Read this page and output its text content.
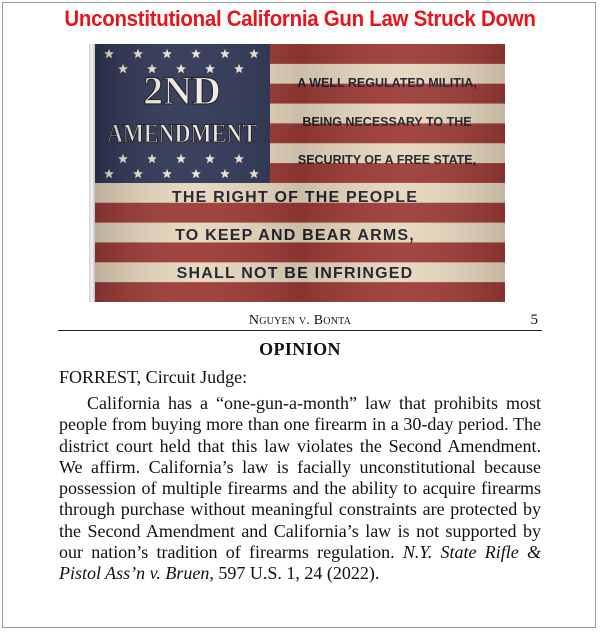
Unconstitutional California Gun Law Struck Down
Nguyen v. Bonta	5
OPINION
FORREST, Circuit Judge:

California has a “one-gun-a-month” law that prohibits most people from buying more than one firearm in a 30-day period. The district court held that this law violates the Second Amendment. We affirm. California’s law is facially unconstitutional because possession of multiple firearms and the ability to acquire firearms through purchase without meaningful constraints are protected by the Second Amendment and California’s law is not supported by our nation’s tradition of firearms regulation. N.Y. State Rifle & Pistol Ass’n v. Bruen, 597 U.S. 1, 24 (2022).
